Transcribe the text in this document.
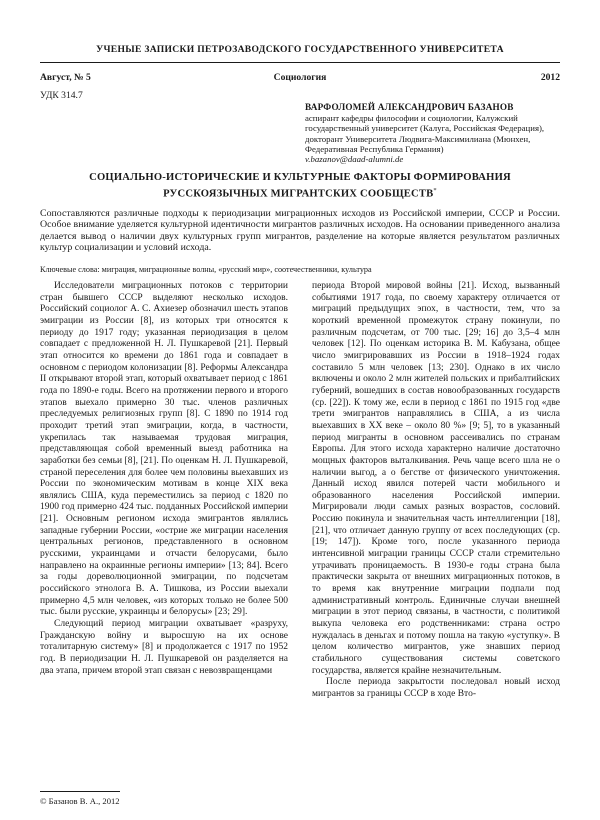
УЧЕНЫЕ ЗАПИСКИ ПЕТРОЗАВОДСКОГО ГОСУДАРСТВЕННОГО УНИВЕРСИТЕТА
Август, № 5	Социология	2012
УДК 314.7
ВАРФОЛОМЕЙ АЛЕКСАНДРОВИЧ БАЗАНОВ
аспирант кафедры философии и социологии, Калужский государственный университет (Калуга, Российская Федерация), докторант Университета Людвига-Максимилиана (Мюнхен, Федеративная Республика Германия)
v.bazanov@daad-alumni.de
СОЦИАЛЬНО-ИСТОРИЧЕСКИЕ И КУЛЬТУРНЫЕ ФАКТОРЫ ФОРМИРОВАНИЯ
РУССКОЯЗЫЧНЫХ МИГРАНТСКИХ СООБЩЕСТВ*
Сопоставляются различные подходы к периодизации миграционных исходов из Российской империи, СССР и России. Особое внимание уделяется культурной идентичности мигрантов различных исходов. На основании приведенного анализа делается вывод о наличии двух культурных групп мигрантов, разделение на которые является результатом различных культур социализации и условий исхода.
Ключевые слова: миграция, миграционные волны, «русский мир», соотечественники, культура

Исследователи миграционных потоков с территории стран бывшего СССР выделяют несколько исходов. Российский социолог А. С. Ахиезер обозначил шесть этапов эмиграции из России [8], из которых три относятся к периоду до 1917 году; указанная периодизация в целом совпадает с предложенной Н. Л. Пушкаревой [21]. Первый этап относится ко времени до 1861 года и совпадает в основном с периодом колонизации [8]. Реформы Александра II открывают второй этап, который охватывает период с 1861 года по 1890-е годы. Всего на протяжении первого и второго этапов выехало примерно 30 тыс. членов различных преследуемых религиозных групп [8]. С 1890 по 1914 год проходит третий этап эмиграции, когда, в частности, укрепилась так называемая трудовая миграция, представляющая собой временный выезд работника на заработки без семьи [8], [21]. По оценкам Н. Л. Пушкаревой, страной переселения для более чем половины выехавших из России по экономическим мотивам в конце XIX века являлись США, куда переместились за период с 1820 по 1900 год примерно 424 тыс. подданных Российской империи [21]. Основным регионом исхода эмигрантов являлись западные губернии России, «острие же миграции населения центральных регионов, представленного в основном русскими, украинцами и отчасти белорусами, было направлено на окраинные регионы империи» [13; 84]. Всего за годы дореволюционной эмиграции, по подсчетам российского этнолога В. А. Тишкова, из России выехали примерно 4,5 млн человек, «из которых только не более 500 тыс. были русские, украинцы и белорусы» [23; 29].

Следующий период миграции охватывает «разруху, Гражданскую войну и выросшую на их основе тоталитарную систему» [8] и продолжается с 1917 по 1952 год. В периодизации Н. Л. Пушкаревой он разделяется на два этапа, причем второй этап связан с невозвращенцами

периода Второй мировой войны [21]. Исход, вызванный событиями 1917 года, по своему характеру отличается от миграций предыдущих эпох, в частности, тем, что за короткий временной промежуток страну покинули, по различным подсчетам, от 700 тыс. [29; 16] до 3,5–4 млн человек [12]. По оценкам историка В. М. Кабузана, общее число эмигрировавших из России в 1918–1924 годах составило 5 млн человек [13; 230]. Однако в их число включены и около 2 млн жителей польских и прибалтийских губерний, вошедших в состав новообразованных государств (ср. [22]). К тому же, если в период с 1861 по 1915 год «две трети эмигрантов направлялись в США, а из числа выехавших в XX веке – около 80 %» [9; 5], то в указанный период мигранты в основном рассеивались по странам Европы. Для этого исхода характерно наличие достаточно мощных факторов выталкивания. Речь чаще всего шла не о наличии выгод, а о бегстве от физического уничтожения. Данный исход явился потерей части мобильного и образованного населения Российской империи. Мигрировали люди самых разных возрастов, сословий. Россию покинула и значительная часть интеллигенции [18], [21], что отличает данную группу от всех последующих (ср. [19; 147]). Кроме того, после указанного периода интенсивной миграции границы СССР стали стремительно утрачивать проницаемость. В 1930-е годы страна была практически закрыта от внешних миграционных потоков, в то время как внутренние миграции подпали под административный контроль. Единичные случаи внешней миграции в этот период связаны, в частности, с политикой выкупа человека его родственниками: страна остро нуждалась в деньгах и потому пошла на такую «уступку». В целом количество мигрантов, уже знавших период стабильного существования системы советского государства, является крайне незначительным.

После периода закрытости последовал новый исход мигрантов за границы СССР в ходе Вто-

© Базанов В. А., 2012
